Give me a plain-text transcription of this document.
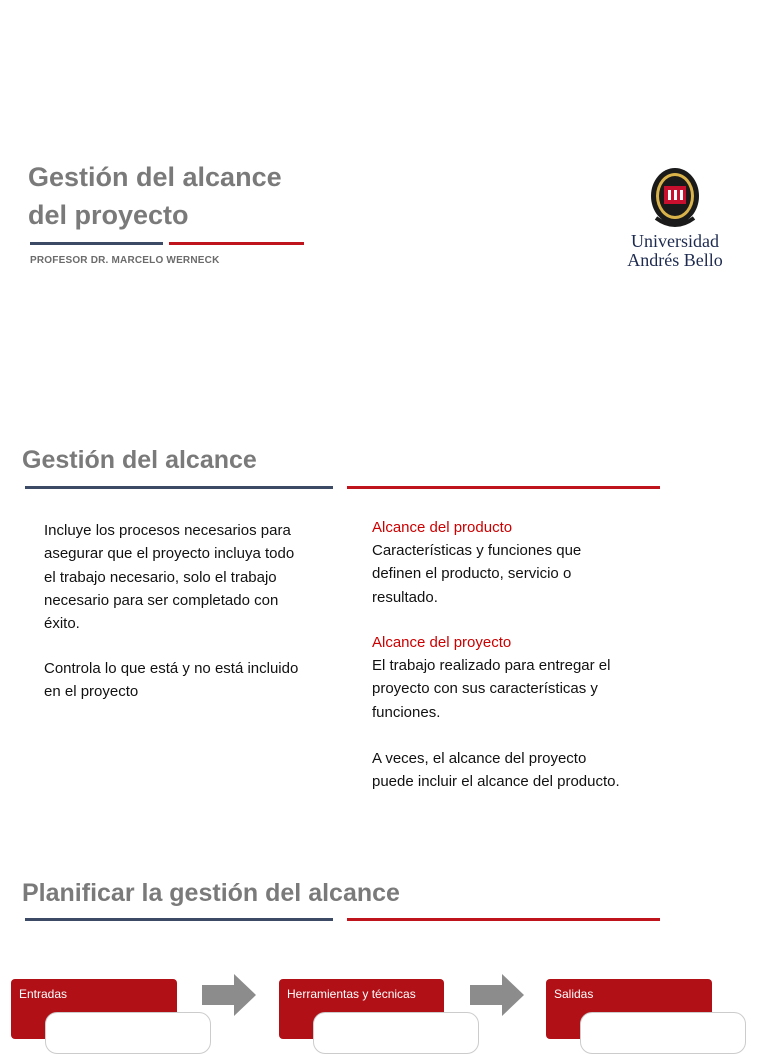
Gestión del alcance
del proyecto
PROFESOR DR. MARCELO WERNECK
Universidad
Andrés Bello
Gestión del alcance
Incluye los procesos necesarios para
asegurar que el proyecto incluya todo
el trabajo necesario, solo el trabajo
necesario para ser completado con
éxito.
Controla lo que está y no está incluido
en el proyecto
Alcance del producto
Características y funciones que
definen el producto, servicio o
resultado.
Alcance del proyecto
El trabajo realizado para entregar el
proyecto con sus características y
funciones.
A veces, el alcance del proyecto
puede incluir el alcance del producto.
Planificar la gestión del alcance
Entradas	Herramientas y técnicas	Salidas
